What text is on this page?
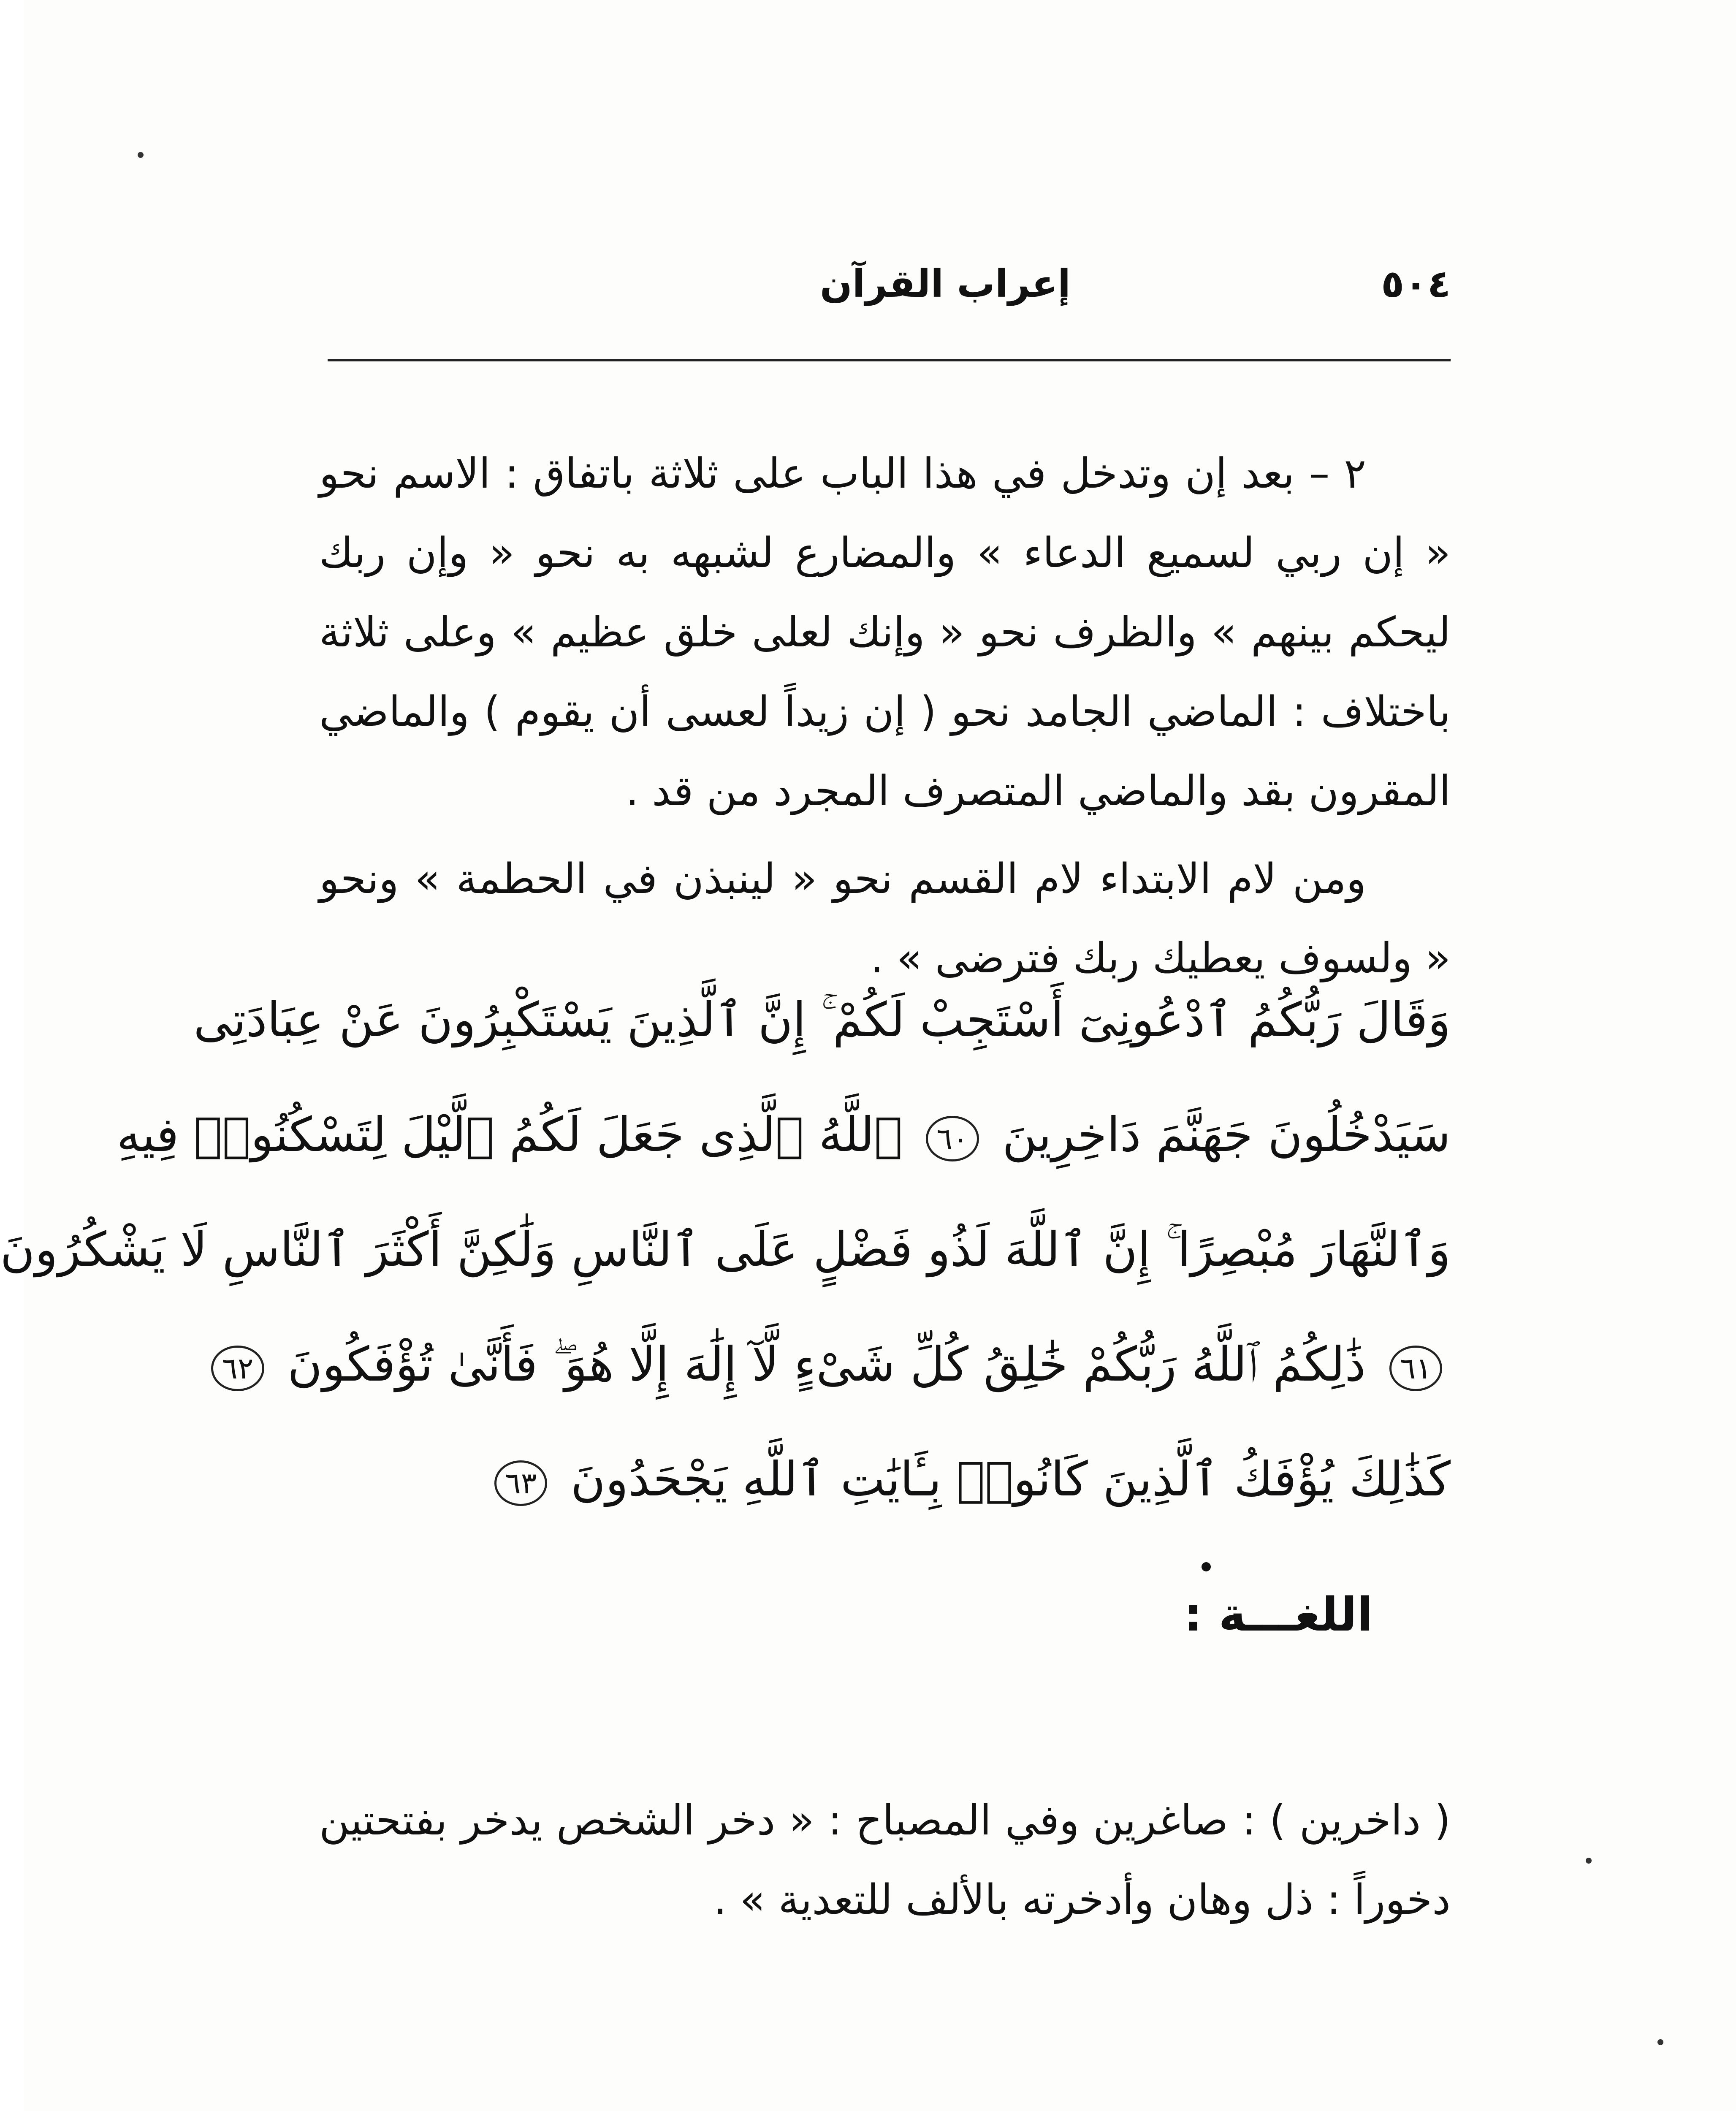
٥٠٤
إعراب القرآن

٢ – بعد إن وتدخل في هذا الباب على ثلاثة باتفاق : الاسم نحو « إن ربي لسميع الدعاء » والمضارع لشبهه به نحو « وإن ربك ليحكم بينهم » والظرف نحو « وإنك لعلى خلق عظيم » وعلى ثلاثة باختلاف : الماضي الجامد نحو ( إن زيداً لعسى أن يقوم ) والماضي المقرون بقد والماضي المتصرف المجرد من قد .

ومن لام الابتداء لام القسم نحو « لينبذن في الحطمة » ونحو « ولسوف يعطيك ربك فترضى » .

وَقَالَ رَبُّكُمُ ٱدْعُونِىٓ أَسْتَجِبْ لَكُمْ ۚ إِنَّ ٱلَّذِينَ يَسْتَكْبِرُونَ عَنْ عِبَادَتِى
سَيَدْخُلُونَ جَهَنَّمَ دَاخِرِينَ ٦٠ ٱللَّهُ ٱلَّذِى جَعَلَ لَكُمُ ٱلَّيْلَ لِتَسْكُنُوا۟ فِيهِ
وَٱلنَّهَارَ مُبْصِرًا ۚ إِنَّ ٱللَّهَ لَذُو فَضْلٍ عَلَى ٱلنَّاسِ وَلَٰكِنَّ أَكْثَرَ ٱلنَّاسِ لَا يَشْكُرُونَ
٦١ ذَٰلِكُمُ ٱللَّهُ رَبُّكُمْ خَٰلِقُ كُلِّ شَىْءٍ لَّآ إِلَٰهَ إِلَّا هُوَ ۖ فَأَنَّىٰ تُؤْفَكُونَ ٦٢
كَذَٰلِكَ يُؤْفَكُ ٱلَّذِينَ كَانُوا۟ بِـَٔايَٰتِ ٱللَّهِ يَجْحَدُونَ ٦٣
اللغـــة :

( داخرين ) : صاغرين وفي المصباح : « دخر الشخص يدخر بفتحتين دخوراً : ذل وهان وأدخرته بالألف للتعدية » .
